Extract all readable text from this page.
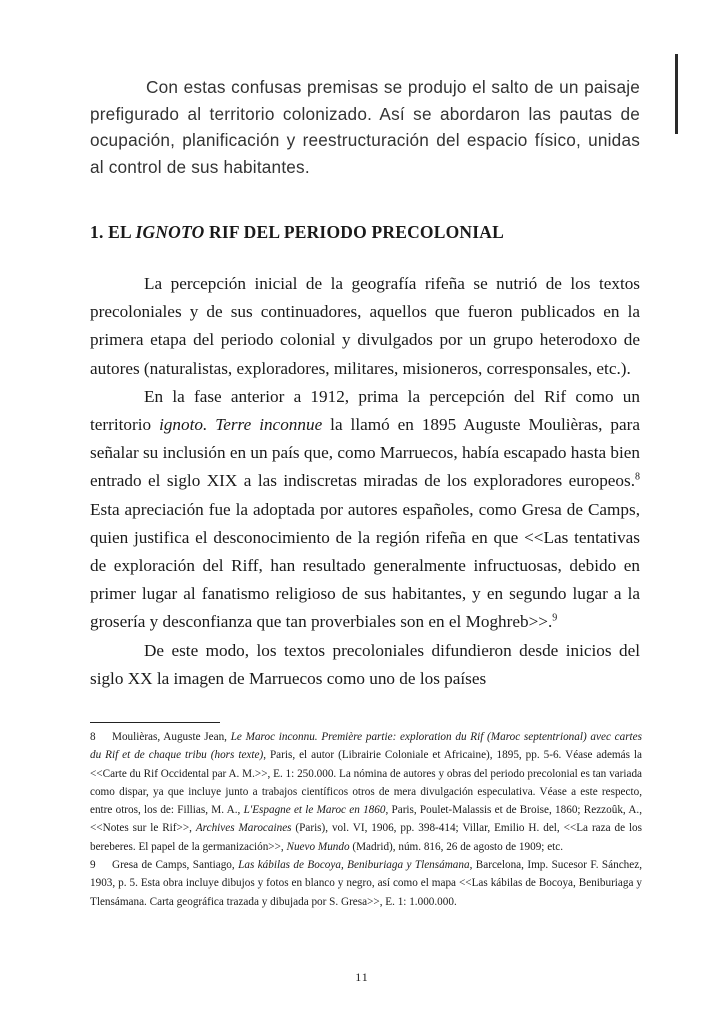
Con estas confusas premisas se produjo el salto de un paisaje prefigurado al territorio colonizado. Así se abordaron las pautas de ocupación, planificación y reestructuración del espacio físico, unidas al control de sus habitantes.

1. EL IGNOTO RIF DEL PERIODO PRECOLONIAL

La percepción inicial de la geografía rifeña se nutrió de los textos precoloniales y de sus continuadores, aquellos que fueron publicados en la primera etapa del periodo colonial y divulgados por un grupo heterodoxo de autores (naturalistas, exploradores, militares, misioneros, corresponsales, etc.).

En la fase anterior a 1912, prima la percepción del Rif como un territorio ignoto. Terre inconnue la llamó en 1895 Auguste Moulièras, para señalar su inclusión en un país que, como Marruecos, había escapado hasta bien entrado el siglo XIX a las indiscretas miradas de los exploradores europeos.$^8$ Esta apreciación fue la adoptada por autores españoles, como Gresa de Camps, quien justifica el desconocimiento de la región rifeña en que <<Las tentativas de exploración del Riff, han resultado generalmente infructuosas, debido en primer lugar al fanatismo religioso de sus habitantes, y en segundo lugar a la grosería y desconfianza que tan proverbiales son en el Moghreb>>.$^9$

De este modo, los textos precoloniales difundieron desde inicios del siglo XX la imagen de Marruecos como uno de los países

8 Moulièras, Auguste Jean, Le Maroc inconnu. Première partie: exploration du Rif (Maroc septentrional) avec cartes du Rif et de chaque tribu (hors texte), Paris, el autor (Librairie Coloniale et Africaine), 1895, pp. 5-6. Véase además la <<Carte du Rif Occidental par A. M.>>, E. 1: 250.000. La nómina de autores y obras del periodo precolonial es tan variada como dispar, ya que incluye junto a trabajos científicos otros de mera divulgación especulativa. Véase a este respecto, entre otros, los de: Fillias, M. A., L'Espagne et le Maroc en 1860, Paris, Poulet-Malassis et de Broise, 1860; Rezzoûk, A., <<Notes sur le Rif>>, Archives Marocaines (Paris), vol. VI, 1906, pp. 398-414; Villar, Emilio H. del, <<La raza de los bereberes. El papel de la germanización>>, Nuevo Mundo (Madrid), núm. 816, 26 de agosto de 1909; etc.

9 Gresa de Camps, Santiago, Las kábilas de Bocoya, Beniburiaga y Tlensámana, Barcelona, Imp. Sucesor F. Sánchez, 1903, p. 5. Esta obra incluye dibujos y fotos en blanco y negro, así como el mapa <<Las kábilas de Bocoya, Beniburiaga y Tlensámana. Carta geográfica trazada y dibujada por S. Gresa>>, E. 1: 1.000.000.

11
